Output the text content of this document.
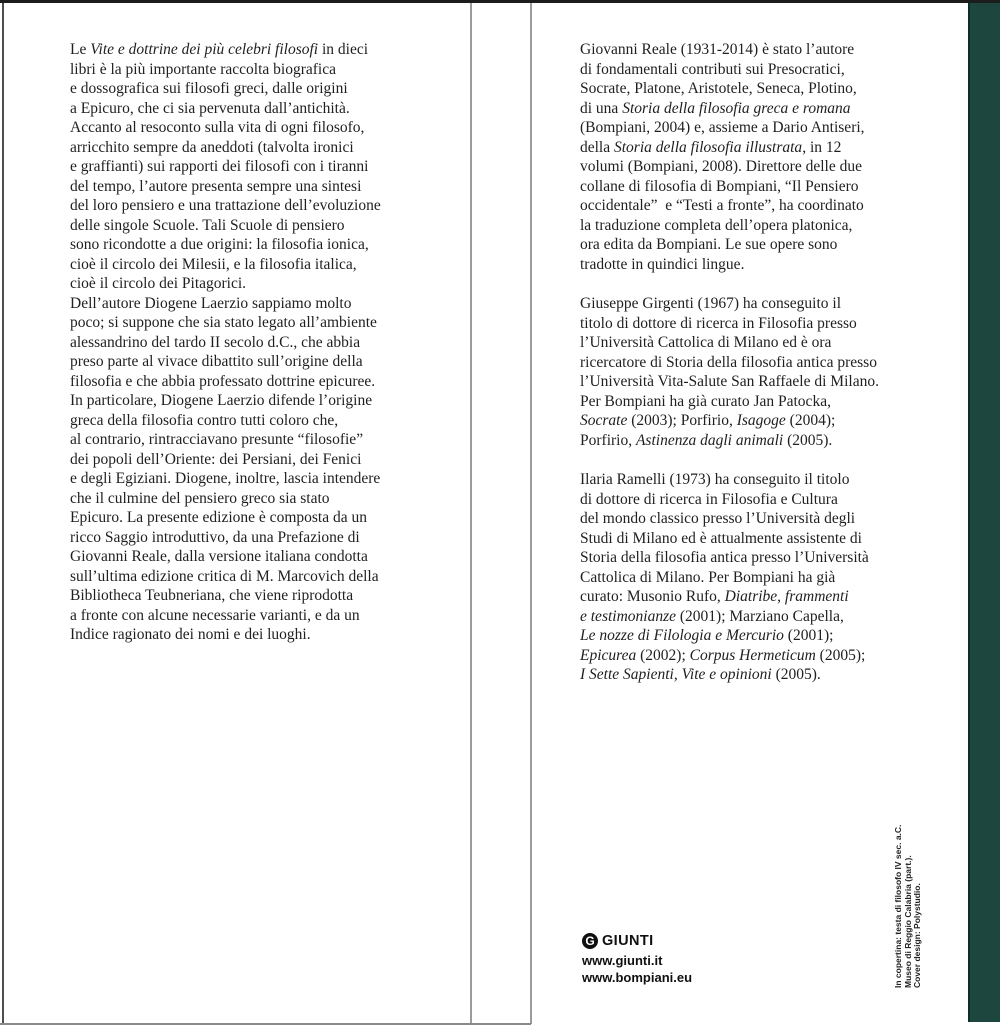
Le Vite e dottrine dei più celebri filosofi in dieci
libri è la più importante raccolta biografica
e dossografica sui filosofi greci, dalle origini
a Epicuro, che ci sia pervenuta dall’antichità.
Accanto al resoconto sulla vita di ogni filosofo,
arricchito sempre da aneddoti (talvolta ironici
e graffianti) sui rapporti dei filosofi con i tiranni
del tempo, l’autore presenta sempre una sintesi
del loro pensiero e una trattazione dell’evoluzione
delle singole Scuole. Tali Scuole di pensiero
sono ricondotte a due origini: la filosofia ionica,
cioè il circolo dei Milesii, e la filosofia italica,
cioè il circolo dei Pitagorici.
Dell’autore Diogene Laerzio sappiamo molto
poco; si suppone che sia stato legato all’ambiente
alessandrino del tardo II secolo d.C., che abbia
preso parte al vivace dibattito sull’origine della
filosofia e che abbia professato dottrine epicuree.
In particolare, Diogene Laerzio difende l’origine
greca della filosofia contro tutti coloro che,
al contrario, rintracciavano presunte “filosofie”
dei popoli dell’Oriente: dei Persiani, dei Fenici
e degli Egiziani. Diogene, inoltre, lascia intendere
che il culmine del pensiero greco sia stato
Epicuro. La presente edizione è composta da un
ricco Saggio introduttivo, da una Prefazione di
Giovanni Reale, dalla versione italiana condotta
sull’ultima edizione critica di M. Marcovich della
Bibliotheca Teubneriana, che viene riprodotta
a fronte con alcune necessarie varianti, e da un
Indice ragionato dei nomi e dei luoghi.
Giovanni Reale (1931-2014) è stato l’autore
di fondamentali contributi sui Presocratici,
Socrate, Platone, Aristotele, Seneca, Plotino,
di una Storia della filosofia greca e romana
(Bompiani, 2004) e, assieme a Dario Antiseri,
della Storia della filosofia illustrata, in 12
volumi (Bompiani, 2008). Direttore delle due
collane di filosofia di Bompiani, “Il Pensiero
occidentale”  e “Testi a fronte”, ha coordinato
la traduzione completa dell’opera platonica,
ora edita da Bompiani. Le sue opere sono
tradotte in quindici lingue.
Giuseppe Girgenti (1967) ha conseguito il
titolo di dottore di ricerca in Filosofia presso
l’Università Cattolica di Milano ed è ora
ricercatore di Storia della filosofia antica presso
l’Università Vita-Salute San Raffaele di Milano.
Per Bompiani ha già curato Jan Patocka,
Socrate (2003); Porfirio, Isagoge (2004);
Porfirio, Astinenza dagli animali (2005).
Ilaria Ramelli (1973) ha conseguito il titolo
di dottore di ricerca in Filosofia e Cultura
del mondo classico presso l’Università degli
Studi di Milano ed è attualmente assistente di
Storia della filosofia antica presso l’Università
Cattolica di Milano. Per Bompiani ha già
curato: Musonio Rufo, Diatribe, frammenti
e testimonianze (2001); Marziano Capella,
Le nozze di Filologia e Mercurio (2001);
Epicurea (2002); Corpus Hermeticum (2005);
I Sette Sapienti, Vite e opinioni (2005).
G GIUNTI
www.giunti.it
www.bompiani.eu	In copertina: testa di filosofo IV sec. a.C. Museo di Reggio Calabria (part.). Cover design: Polystudio.
